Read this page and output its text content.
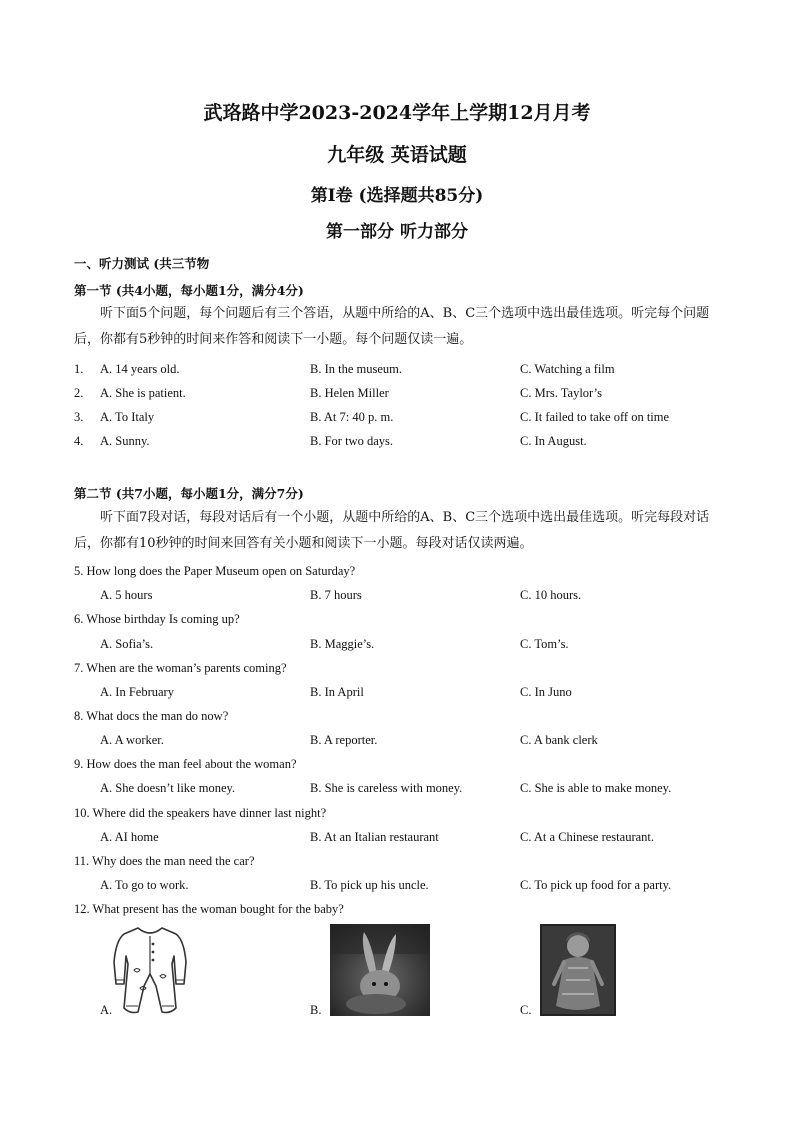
武珞路中学2023-2024学年上学期12月月考
九年级 英语试题
第Ⅰ卷 (选择题共85分)
第一部分 听力部分
一、听力测试 (共三节物
第一节 (共4小题，每小题1分，满分4分)
听下面5个问题，每个问题后有三个答语，从题中所给的A、B、C三个选项中选出最佳选项。听完每个问题后，你都有5秒钟的时间来作答和阅读下一小题。每个问题仅读一遍。
1. A. 14 years old.	B. In the museum.	C. Watching a film
2. A. She is patient.	B. Helen Miller	C. Mrs. Taylor’s
3. A. To Italy	B. At 7: 40 p. m.	C. It failed to take off on time
4. A. Sunny.	B. For two days.	C. In August.
第二节 (共7小题，每小题1分，满分7分)
听下面7段对话，每段对话后有一个小题，从题中所给的A、B、C三个选项中选出最佳选项。听完每段对话后，你都有10秒钟的时间来回答有关小题和阅读下一小题。每段对话仅读两遍。
5. How long does the Paper Museum open on Saturday?
A. 5 hours	B. 7 hours	C. 10 hours.
6. Whose birthday Is coming up?
A. Sofia’s.	B. Maggie’s.	C. Tom’s.
7. When are the woman’s parents coming?
A. In February	B. In April	C. In Juno
8. What docs the man do now?
A. A worker.	B. A reporter.	C. A bank clerk
9. How does the man feel about the woman?
A. She doesn’t like money.	B. She is careless with money.	C. She is able to make money.
10. Where did the speakers have dinner last night?
A. AI home	B. At an Italian restaurant	C. At a Chinese restaurant.
11. Why does the man need the car?
A. To go to work.	B. To pick up his uncle.	C. To pick up food for a party.
12. What present has the woman bought for the baby?
A.	B.	C.
